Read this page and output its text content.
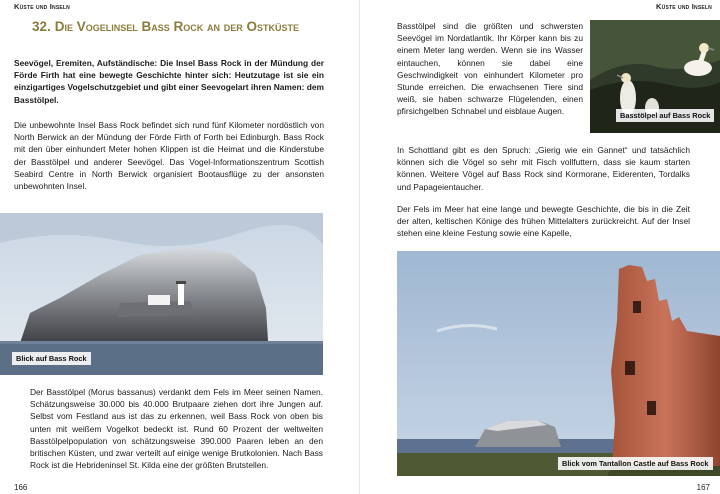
Küste und Inseln
32. Die Vogelinsel Bass Rock an der Ostküste

Seevögel, Eremiten, Aufständische: Die Insel Bass Rock in der Mündung der Förde Firth hat eine bewegte Geschichte hinter sich: Heutzutage ist sie ein einzigartiges Vogelschutzgebiet und gibt einer Seevogelart ihren Namen: dem Basstölpel.

Die unbewohnte Insel Bass Rock befindet sich rund fünf Kilometer nordöstlich von North Berwick an der Mündung der Förde Firth of Forth bei Edinburgh. Bass Rock mit den über einhundert Meter hohen Klippen ist die Heimat und die Kinderstube der Basstölpel und anderer Seevögel. Das Vogel-Informationszentrum Scottish Seabird Centre in North Berwick organisiert Bootausflüge zu der ansonsten unbewohnten Insel.

Blick auf Bass Rock

Der Basstölpel (Morus bassanus) verdankt dem Fels im Meer seinen Namen. Schätzungsweise 30.000 bis 40.000 Brutpaare ziehen dort ihre Jungen auf. Selbst vom Festland aus ist das zu erkennen, weil Bass Rock von oben bis unten mit weißem Vogelkot bedeckt ist. Rund 60 Prozent der weltweiten Basstölpelpopulation von schätzungsweise 390.000 Paaren leben an den britischen Küsten, und zwar verteilt auf einige wenige Brutkolonien. Nach Bass Rock ist die Hebrideninsel St. Kilda eine der größten Brutstellen.

166
Küste und Inseln

Basstölpel sind die größten und schwersten Seevögel im Nordatlantik. Ihr Körper kann bis zu einem Meter lang werden. Wenn sie ins Wasser eintauchen, können sie dabei eine Geschwindigkeit von einhundert Kilometer pro Stunde erreichen. Die erwachsenen Tiere sind weiß, sie haben schwarze Flügelenden, einen pfirsichgelben Schnabel und eisblaue Augen.	Basstölpel auf Bass Rock

In Schottland gibt es den Spruch: „Gierig wie ein Gannet“ und tatsächlich können sich die Vögel so sehr mit Fisch vollfuttern, dass sie kaum starten können. Weitere Vögel auf Bass Rock sind Kormorane, Eiderenten, Tordalks und Papageientaucher.

Der Fels im Meer hat eine lange und bewegte Geschichte, die bis in die Zeit der alten, keltischen Könige des frühen Mittelalters zurückreicht. Auf der Insel stehen eine kleine Festung sowie eine Kapelle,

Blick vom Tantallon Castle auf Bass Rock
167
